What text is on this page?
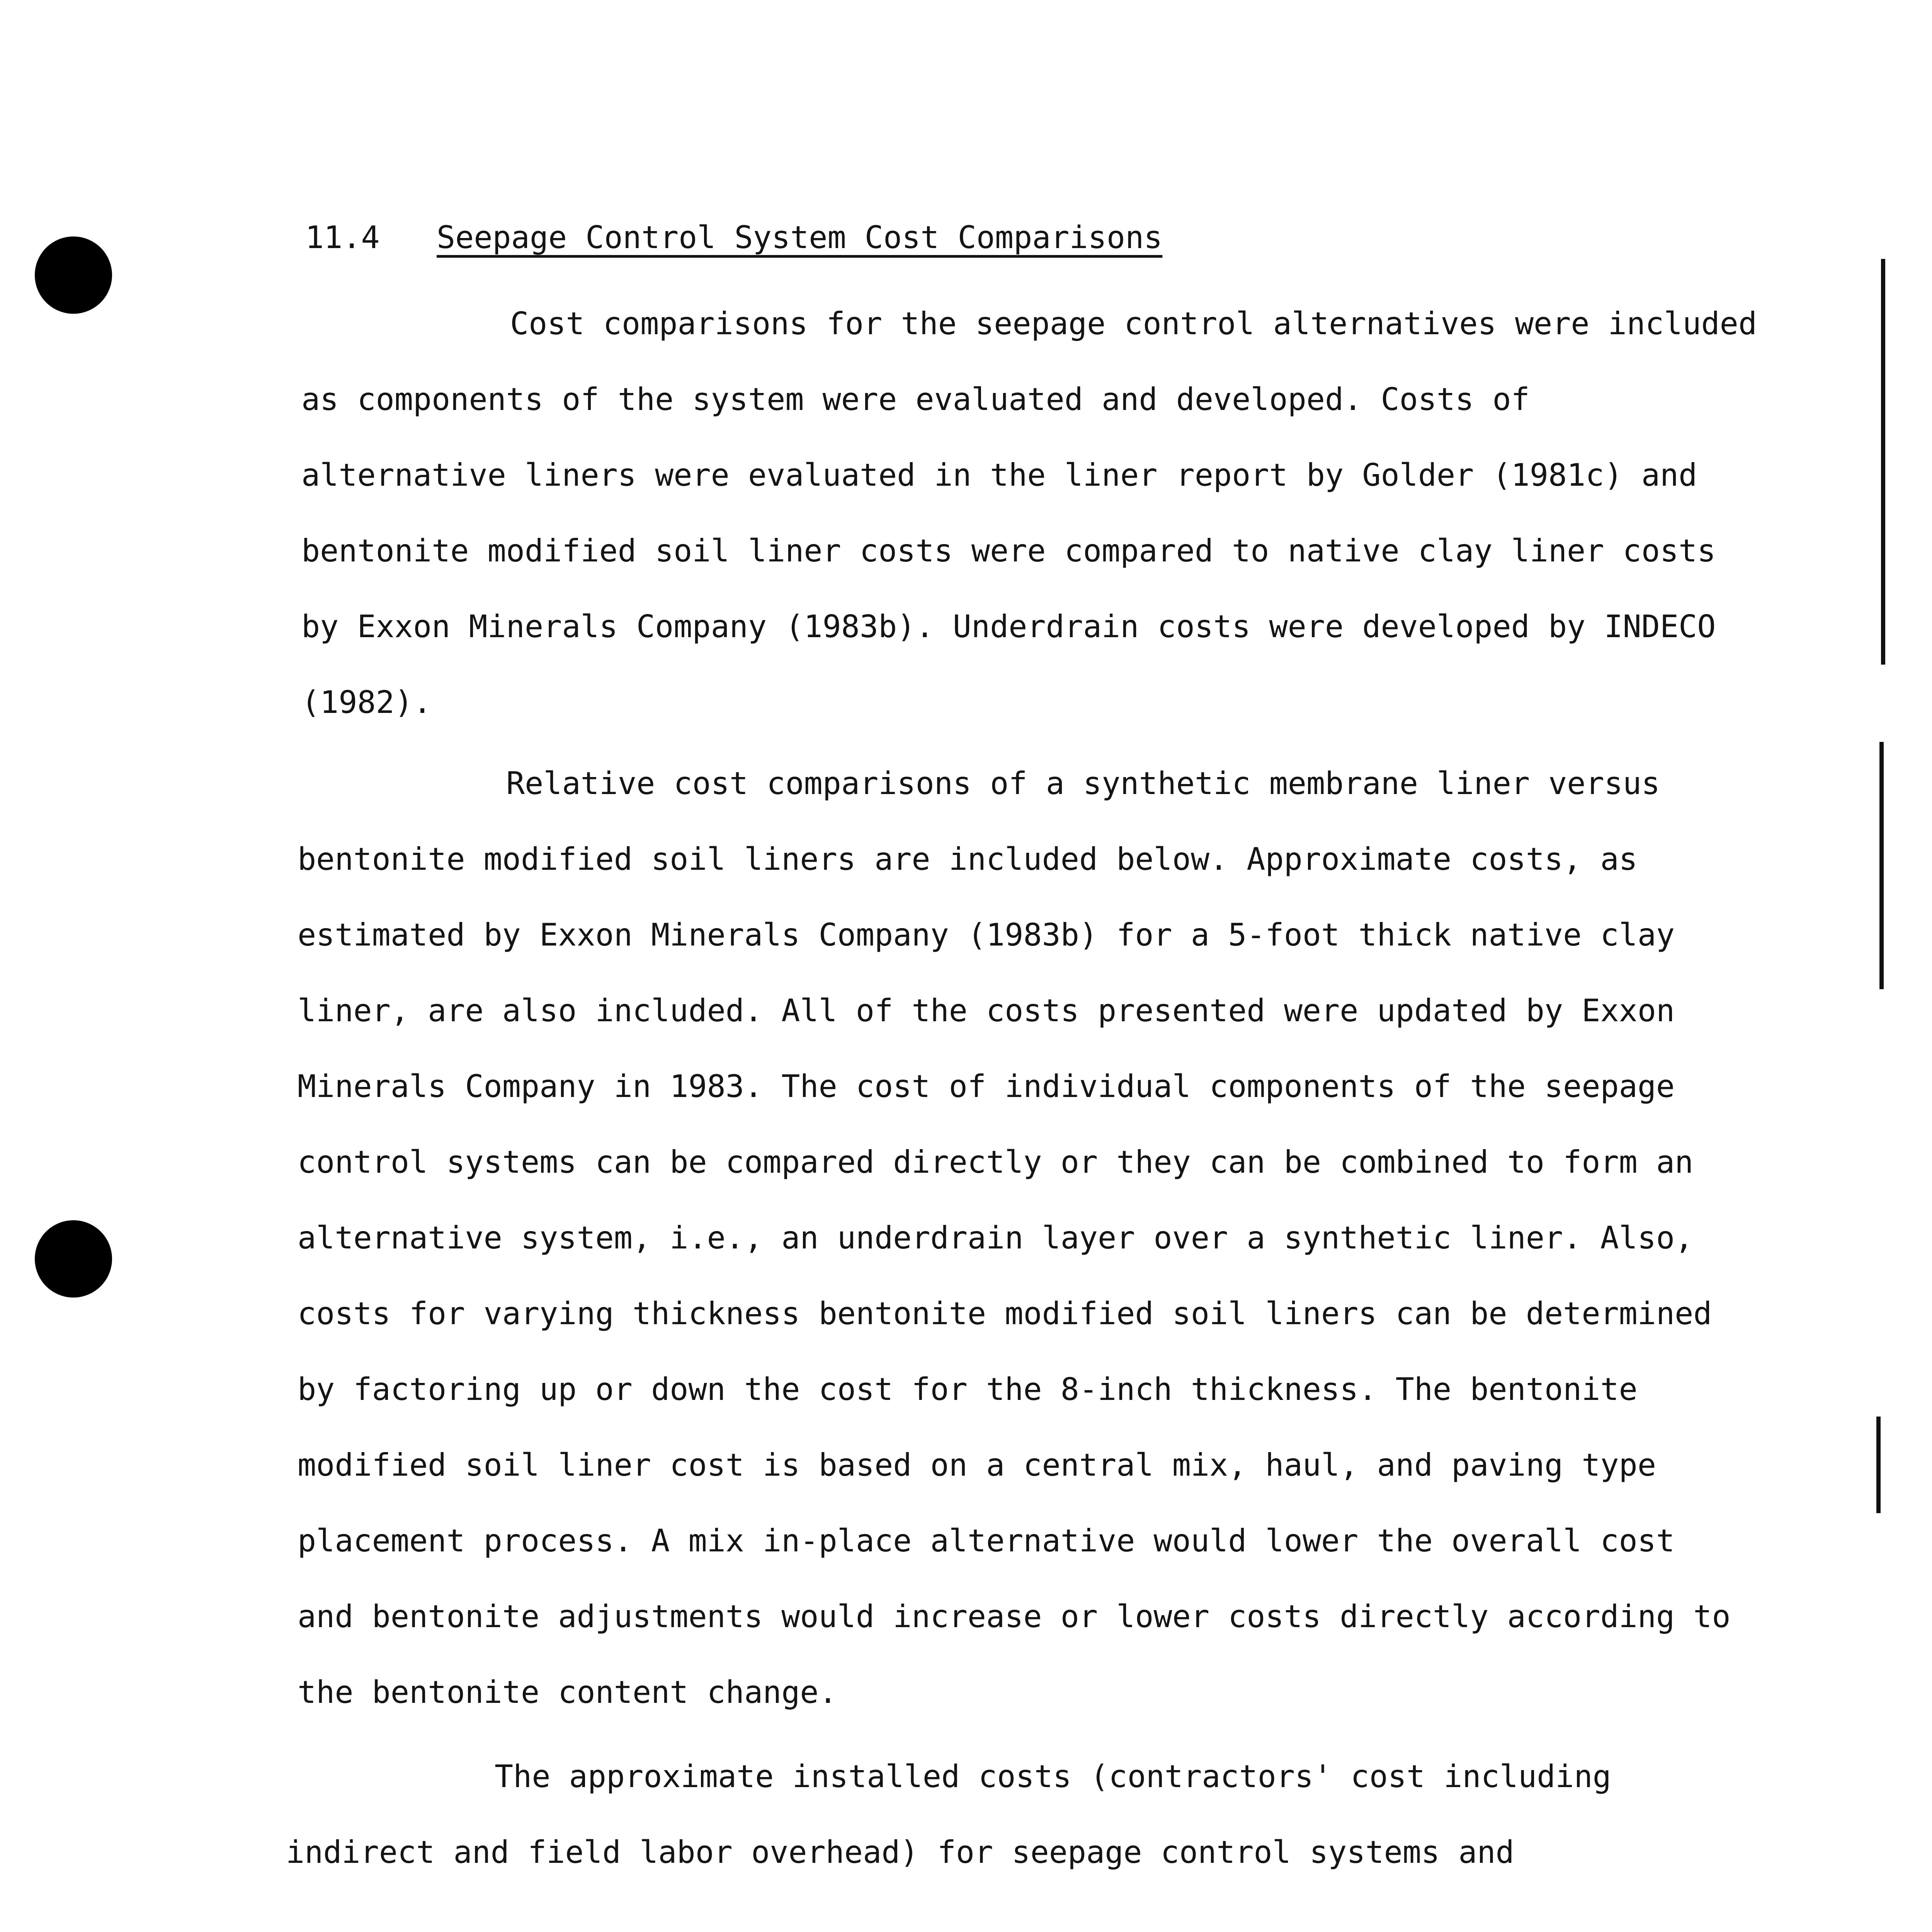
11.4 Seepage Control System Cost Comparisons
Cost comparisons for the seepage control alternatives were included
as components of the system were evaluated and developed. Costs of
alternative liners were evaluated in the liner report by Golder (1981c) and
bentonite modified soil liner costs were compared to native clay liner costs
by Exxon Minerals Company (1983b). Underdrain costs were developed by INDECO
(1982).
Relative cost comparisons of a synthetic membrane liner versus
bentonite modified soil liners are included below. Approximate costs, as
estimated by Exxon Minerals Company (1983b) for a 5-foot thick native clay
liner, are also included. All of the costs presented were updated by Exxon
Minerals Company in 1983. The cost of individual components of the seepage
control systems can be compared directly or they can be combined to form an
alternative system, i.e., an underdrain layer over a synthetic liner. Also,
costs for varying thickness bentonite modified soil liners can be determined
by factoring up or down the cost for the 8-inch thickness. The bentonite
modified soil liner cost is based on a central mix, haul, and paving type
placement process. A mix in-place alternative would lower the overall cost
and bentonite adjustments would increase or lower costs directly according to
the bentonite content change.
The approximate installed costs (contractors' cost including
indirect and field labor overhead) for seepage control systems and
